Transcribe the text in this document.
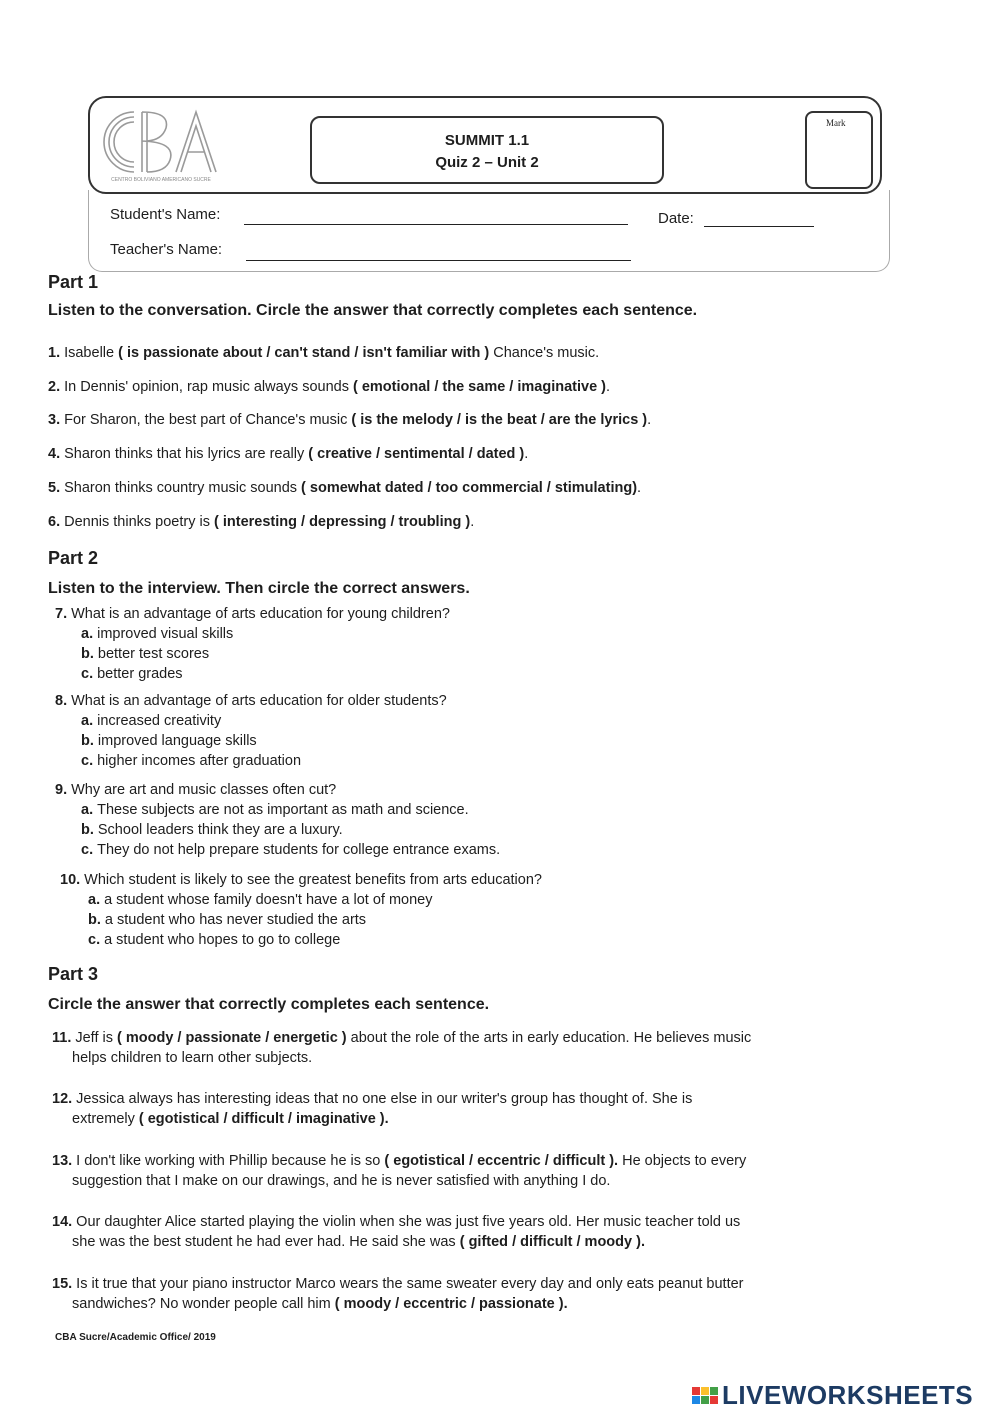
CENTRO BOLIVIANO AMERICANO SUCRE
SUMMIT 1.1
Quiz 2 – Unit 2
Mark
Student's Name:	Date:
Teacher's Name:
Part 1
Listen to the conversation. Circle the answer that correctly completes each sentence.
1. Isabelle ( is passionate about / can't stand / isn't familiar with ) Chance's music.
2. In Dennis' opinion, rap music always sounds ( emotional / the same / imaginative ).
3. For Sharon, the best part of Chance's music ( is the melody / is the beat / are the lyrics ).
4. Sharon thinks that his lyrics are really ( creative / sentimental / dated ).
5. Sharon thinks country music sounds ( somewhat dated / too commercial / stimulating).
6. Dennis thinks poetry is ( interesting / depressing / troubling ).
Part 2
Listen to the interview. Then circle the correct answers.
7. What is an advantage of arts education for young children?
a. improved visual skills
b. better test scores
c. better grades
8. What is an advantage of arts education for older students?
a. increased creativity
b. improved language skills
c. higher incomes after graduation
9. Why are art and music classes often cut?
a. These subjects are not as important as math and science.
b. School leaders think they are a luxury.
c. They do not help prepare students for college entrance exams.
10. Which student is likely to see the greatest benefits from arts education?
a. a student whose family doesn't have a lot of money
b. a student who has never studied the arts
c. a student who hopes to go to college
Part 3
Circle the answer that correctly completes each sentence.
11. Jeff is ( moody / passionate / energetic ) about the role of the arts in early education. He believes music
helps children to learn other subjects.
12. Jessica always has interesting ideas that no one else in our writer's group has thought of. She is
extremely ( egotistical / difficult / imaginative ).
13. I don't like working with Phillip because he is so ( egotistical / eccentric / difficult ). He objects to every
suggestion that I make on our drawings, and he is never satisfied with anything I do.
14. Our daughter Alice started playing the violin when she was just five years old. Her music teacher told us
she was the best student he had ever had. He said she was ( gifted / difficult / moody ).
15. Is it true that your piano instructor Marco wears the same sweater every day and only eats peanut butter
sandwiches? No wonder people call him ( moody / eccentric / passionate ).
CBA Sucre/Academic Office/ 2019
LIVEWORKSHEETS
